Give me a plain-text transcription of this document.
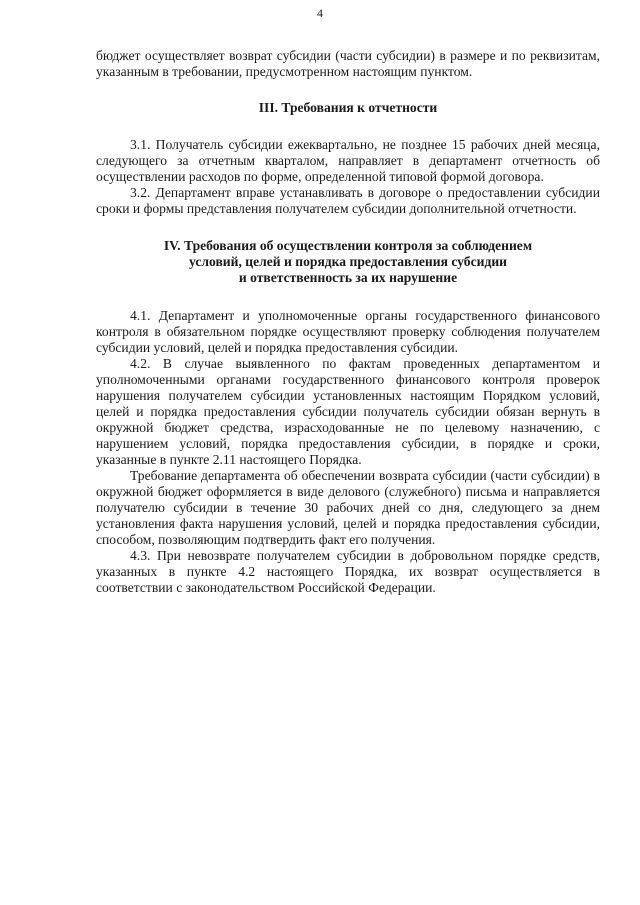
4

бюджет осуществляет возврат субсидии (части субсидии) в размере и по реквизитам, указанным в требовании, предусмотренном настоящим пунктом.

III. Требования к отчетности

3.1. Получатель субсидии ежеквартально, не позднее 15 рабочих дней месяца, следующего за отчетным кварталом, направляет в департамент отчетность об осуществлении расходов по форме, определенной типовой формой договора.

3.2. Департамент вправе устанавливать в договоре о предоставлении субсидии сроки и формы представления получателем субсидии дополнительной отчетности.

IV. Требования об осуществлении контроля за соблюдением
условий, целей и порядка предоставления субсидии
и ответственность за их нарушение

4.1. Департамент и уполномоченные органы государственного финансового контроля в обязательном порядке осуществляют проверку соблюдения получателем субсидии условий, целей и порядка предоставления субсидии.

4.2. В случае выявленного по фактам проведенных департаментом и уполномоченными органами государственного финансового контроля проверок нарушения получателем субсидии установленных настоящим Порядком условий, целей и порядка предоставления субсидии получатель субсидии обязан вернуть в окружной бюджет средства, израсходованные не по целевому назначению, с нарушением условий, порядка предоставления субсидии, в порядке и сроки, указанные в пункте 2.11 настоящего Порядка.

Требование департамента об обеспечении возврата субсидии (части субсидии) в окружной бюджет оформляется в виде делового (служебного) письма и направляется получателю субсидии в течение 30 рабочих дней со дня, следующего за днем установления факта нарушения условий, целей и порядка предоставления субсидии, способом, позволяющим подтвердить факт его получения.

4.3. При невозврате получателем субсидии в добровольном порядке средств, указанных в пункте 4.2 настоящего Порядка, их возврат осуществляется в соответствии с законодательством Российской Федерации.
